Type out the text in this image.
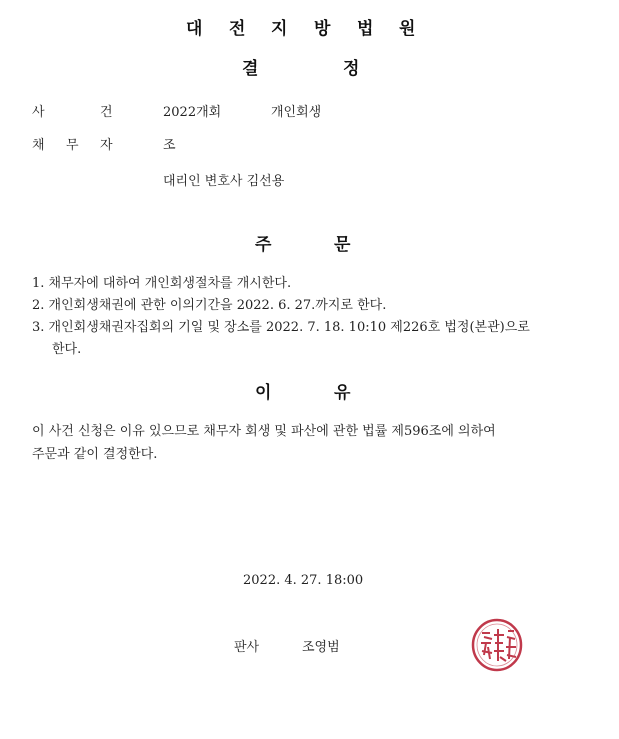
대 전 지 방 법 원
결	정
사	건	2022개회	개인회생
채 무 자	조
대리인 변호사 김선용
주	문
1. 채무자에 대하여 개인회생절차를 개시한다.
2. 개인회생채권에 관한 이의기간을 2022. 6. 27.까지로 한다.
3. 개인회생채권자집회의 기일 및 장소를 2022. 7. 18. 10:10 제226호 법정(본관)으로
한다.
이	유
이 사건 신청은 이유 있으므로 채무자 회생 및 파산에 관한 법률 제596조에 의하여
주문과 같이 결정한다.
2022. 4. 27. 18:00
판사	조영범
